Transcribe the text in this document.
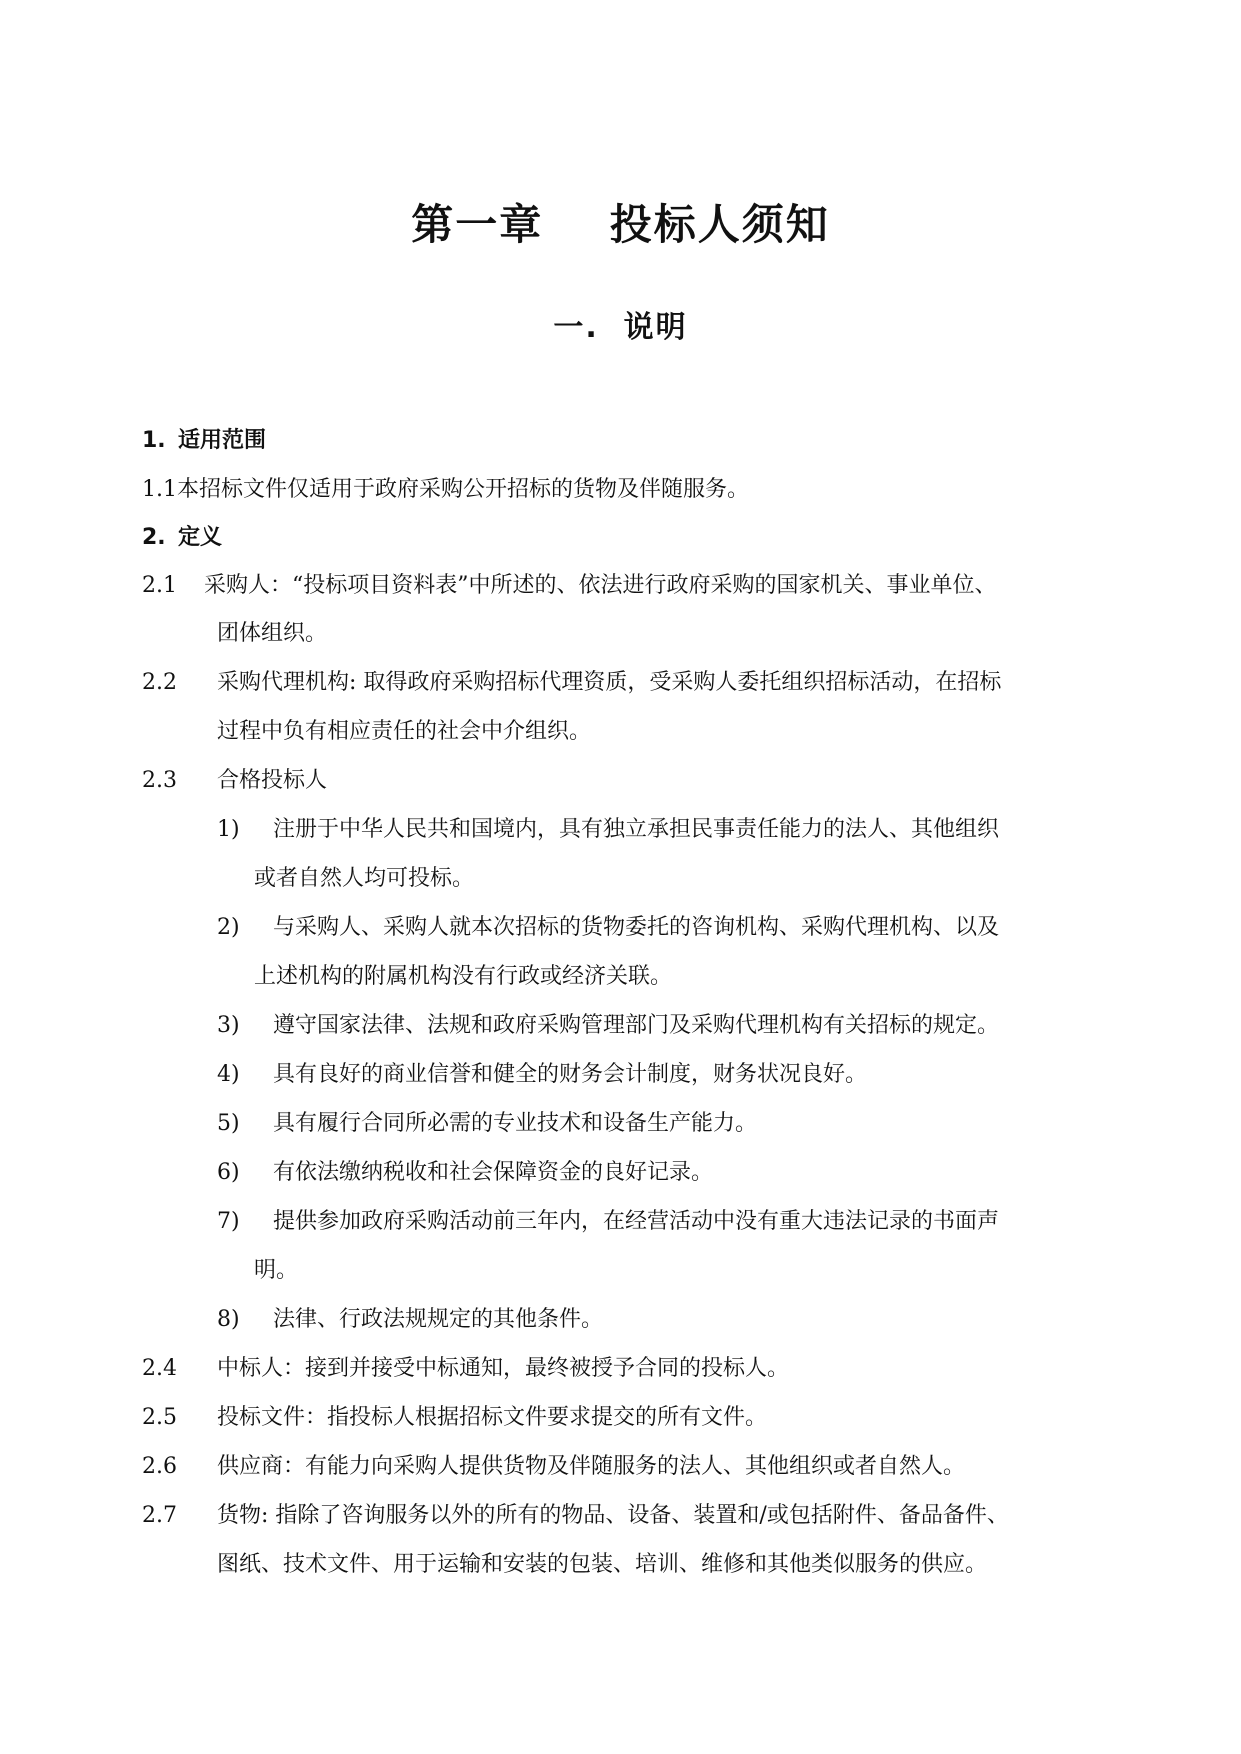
第一章    投标人须知
一.  说明
1. 适用范围
1.1本招标文件仅适用于政府采购公开招标的货物及伴随服务。
2. 定义
2.1 采购人：“投标项目资料表”中所述的、依法进行政府采购的国家机关、事业单位、
团体组织。
2.2 采购代理机构: 取得政府采购招标代理资质，受采购人委托组织招标活动，在招标
过程中负有相应责任的社会中介组织。
2.3 合格投标人
1) 注册于中华人民共和国境内，具有独立承担民事责任能力的法人、其他组织
或者自然人均可投标。
2) 与采购人、采购人就本次招标的货物委托的咨询机构、采购代理机构、以及
上述机构的附属机构没有行政或经济关联。
3) 遵守国家法律、法规和政府采购管理部门及采购代理机构有关招标的规定。
4) 具有良好的商业信誉和健全的财务会计制度，财务状况良好。
5) 具有履行合同所必需的专业技术和设备生产能力。
6) 有依法缴纳税收和社会保障资金的良好记录。
7) 提供参加政府采购活动前三年内，在经营活动中没有重大违法记录的书面声
明。
8) 法律、行政法规规定的其他条件。
2.4 中标人：接到并接受中标通知，最终被授予合同的投标人。
2.5 投标文件：指投标人根据招标文件要求提交的所有文件。
2.6 供应商：有能力向采购人提供货物及伴随服务的法人、其他组织或者自然人。
2.7 货物: 指除了咨询服务以外的所有的物品、设备、装置和/或包括附件、备品备件、
图纸、技术文件、用于运输和安装的包装、培训、维修和其他类似服务的供应。
